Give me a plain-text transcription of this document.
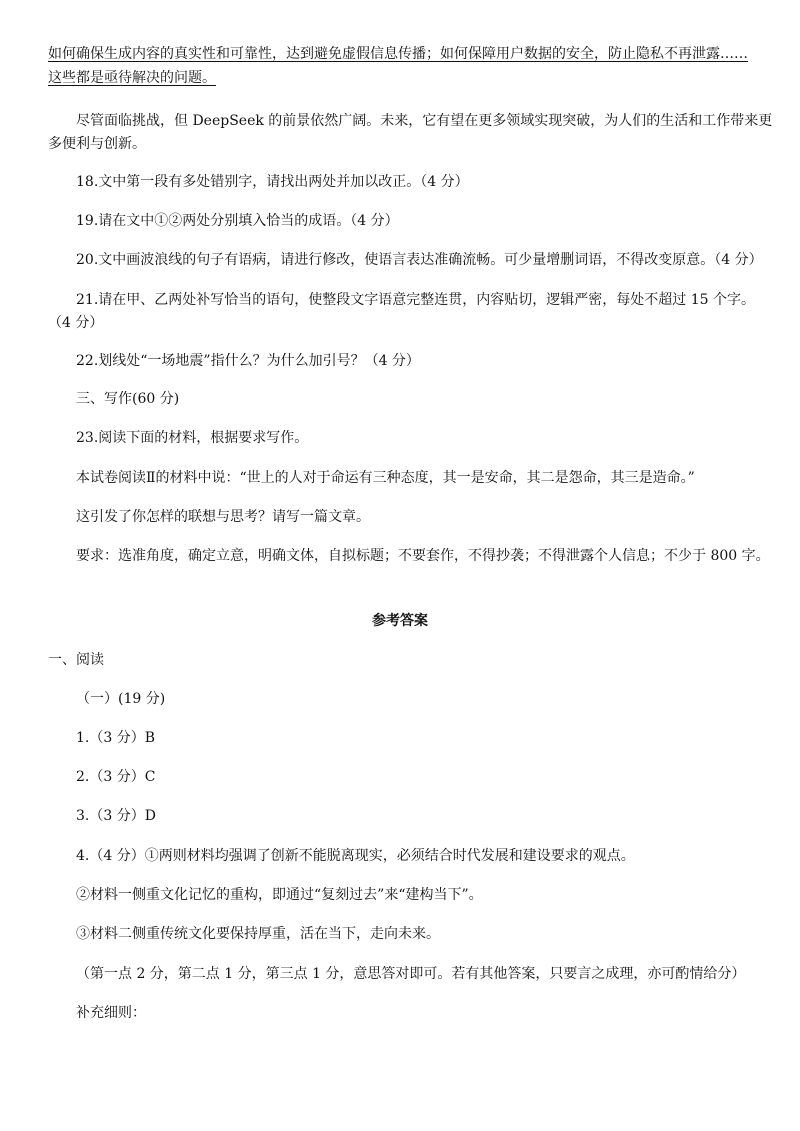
如何确保生成内容的真实性和可靠性，达到避免虚假信息传播；如何保障用户数据的安全，防止隐私不再泄露……
这些都是亟待解决的问题。
尽管面临挑战，但 DeepSeek 的前景依然广阔。未来，它有望在更多领域实现突破，为人们的生活和工作带来更
多便利与创新。
18.文中第一段有多处错别字，请找出两处并加以改正。（4 分）
19.请在文中①②两处分别填入恰当的成语。（4 分）
20.文中画波浪线的句子有语病，请进行修改，使语言表达准确流畅。可少量增删词语，不得改变原意。（4 分）
21.请在甲、乙两处补写恰当的语句，使整段文字语意完整连贯，内容贴切，逻辑严密，每处不超过 15 个字。
（4 分）
22.划线处“一场地震”指什么？为什么加引号？（4 分）
三、写作(60 分)
23.阅读下面的材料，根据要求写作。
本试卷阅读Ⅱ的材料中说：“世上的人对于命运有三种态度，其一是安命，其二是怨命，其三是造命。”
这引发了你怎样的联想与思考？请写一篇文章。
要求：选准角度，确定立意，明确文体，自拟标题；不要套作，不得抄袭；不得泄露个人信息；不少于 800 字。
参考答案
一、阅读
（一）(19 分)
1.（3 分）B
2.（3 分）C
3.（3 分）D
4.（4 分）①两则材料均强调了创新不能脱离现实，必须结合时代发展和建设要求的观点。
②材料一侧重文化记忆的重构，即通过“复刻过去”来“建构当下”。
③材料二侧重传统文化要保持厚重，活在当下，走向未来。
（第一点 2 分，第二点 1 分，第三点 1 分，意思答对即可。若有其他答案，只要言之成理，亦可酌情给分）
补充细则：
